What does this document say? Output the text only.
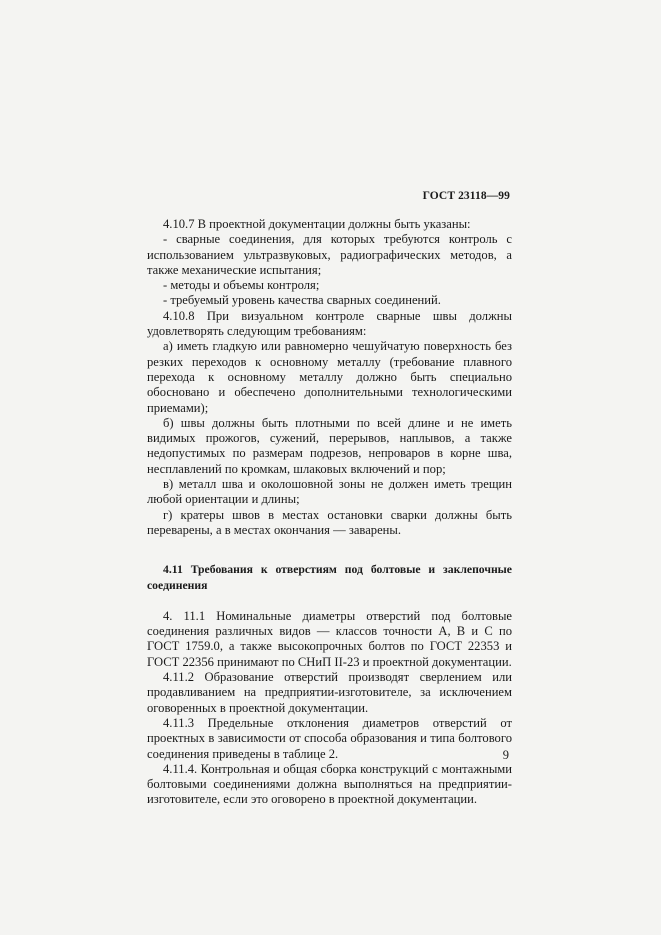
ГОСТ 23118—99

4.10.7 В проектной документации должны быть указаны:

- сварные соединения, для которых требуются контроль с использованием ультразвуковых, радиографических методов, а также механические испытания;

- методы и объемы контроля;

- требуемый уровень качества сварных соединений.

4.10.8 При визуальном контроле сварные швы должны удовлетворять следующим требованиям:

а) иметь гладкую или равномерно чешуйчатую поверхность без резких переходов к основному металлу (требование плавного перехода к основному металлу должно быть специально обосновано и обеспечено дополнительными технологическими приемами);

б) швы должны быть плотными по всей длине и не иметь видимых прожогов, сужений, перерывов, наплывов, а также недопустимых по размерам подрезов, непроваров в корне шва, несплавлений по кромкам, шлаковых включений и пор;

в) металл шва и околошовной зоны не должен иметь трещин любой ориентации и длины;

г) кратеры швов в местах остановки сварки должны быть переварены, а в местах окончания — заварены.

4.11 Требования к отверстиям под болтовые и заклепочные соединения

4. 11.1 Номинальные диаметры отверстий под болтовые соединения различных видов — классов точности А, В и С по ГОСТ 1759.0, а также высокопрочных болтов по ГОСТ 22353 и ГОСТ 22356 принимают по СНиП II-23 и проектной документации.

4.11.2 Образование отверстий производят сверлением или продавливанием на предприятии-изготовителе, за исключением оговоренных в проектной документации.

4.11.3 Предельные отклонения диаметров отверстий от проектных в зависимости от способа образования и типа болтового соединения приведены в таблице 2.

4.11.4. Контрольная и общая сборка конструкций с монтажными болтовыми соединениями должна выполняться на предприятии-изготовителе, если это оговорено в проектной документации.

9
